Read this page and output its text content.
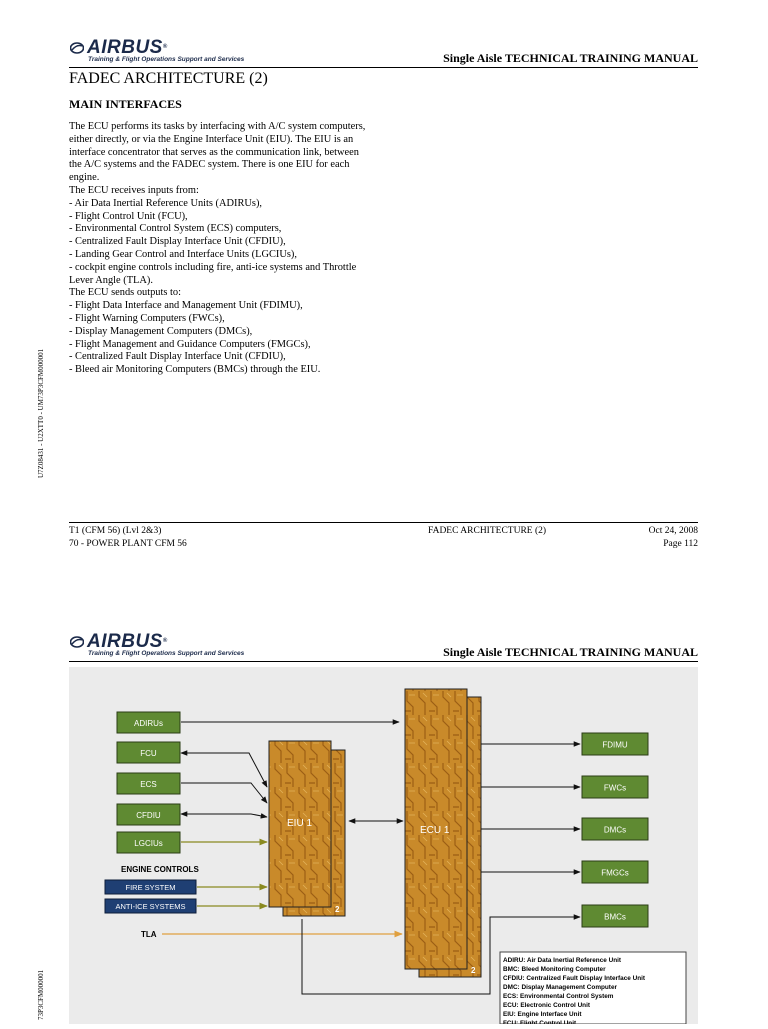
AIRBUS®
Training & Flight Operations Support and Services	Single Aisle TECHNICAL TRAINING MANUAL
FADEC ARCHITECTURE (2)
MAIN INTERFACES
The ECU performs its tasks by interfacing with A/C system computers,
either directly, or via the Engine Interface Unit (EIU). The EIU is an
interface concentrator that serves as the communication link, between
the A/C systems and the FADEC system. There is one EIU for each
engine.
The ECU receives inputs from:
- Air Data Inertial Reference Units (ADIRUs),
- Flight Control Unit (FCU),
- Environmental Control System (ECS) computers,
- Centralized Fault Display Interface Unit (CFDIU),
- Landing Gear Control and Interface Units (LGCIUs),
- cockpit engine controls including fire, anti-ice systems and Throttle
Lever Angle (TLA).
The ECU sends outputs to:
- Flight Data Interface and Management Unit (FDIMU),
- Flight Warning Computers (FWCs),
- Display Management Computers (DMCs),
- Flight Management and Guidance Computers (FMGCs),
- Centralized Fault Display Interface Unit (CFDIU),
- Bleed air Monitoring Computers (BMCs) through the EIU.
U7Z08431 - U2XTT0 - UM73P3CFM000001
T1 (CFM 56) (Lvl 2&3)
70 - POWER PLANT CFM 56
FADEC ARCHITECTURE (2)	Oct 24, 2008
Page 112
AIRBUS®
Training & Flight Operations Support and Services	Single Aisle TECHNICAL TRAINING MANUAL
73P3CFM000001
2
2
TLA
EIU 1
ECU 1
ADIRUs
FCU
ECS
CFDIU
LGCIUs
ENGINE CONTROLS
FIRE SYSTEM
ANTI-ICE SYSTEMS
FDIMU
FWCs
DMCs
FMGCs
BMCs
ADIRU: Air Data Inertial Reference Unit
BMC: Bleed Monitoring Computer
CFDIU: Centralized Fault Display Interface Unit
DMC: Display Management Computer
ECS: Environmental Control System
ECU: Electronic Control Unit
EIU: Engine Interface Unit
FCU: Flight Control Unit
